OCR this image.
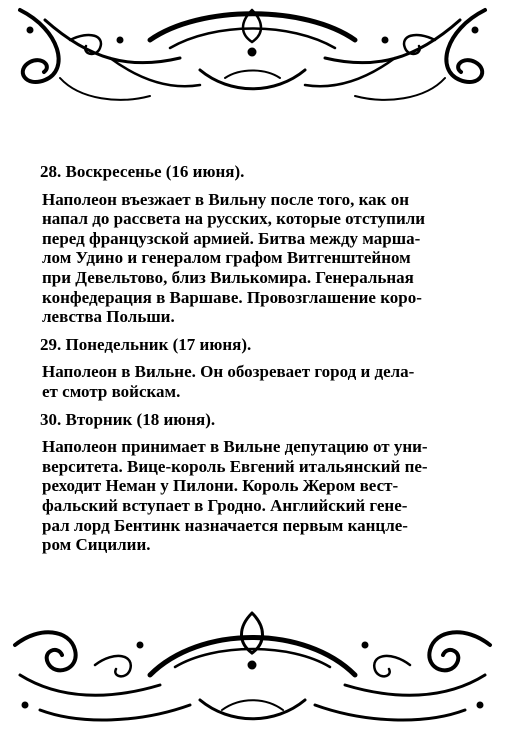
28. Воскресенье (16 июня).
Наполеон въезжает в Вильну после того, как он
напал до рассвета на русских, которые отступили
перед французской армией. Битва между марша-
лом Удино и генералом графом Витгенштейном
при Девельтово, близ Вилькомира. Генеральная
конфедерация в Варшаве. Провозглашение коро-
левства Польши.
29. Понедельник (17 июня).
Наполеон в Вильне. Он обозревает город и дела-
ет смотр войскам.
30. Вторник (18 июня).
Наполеон принимает в Вильне депутацию от уни-
верситета. Вице-король Евгений итальянский пе-
реходит Неман у Пилони. Король Жером вест-
фальский вступает в Гродно. Английский гене-
рал лорд Бентинк назначается первым канцле-
ром Сицилии.
